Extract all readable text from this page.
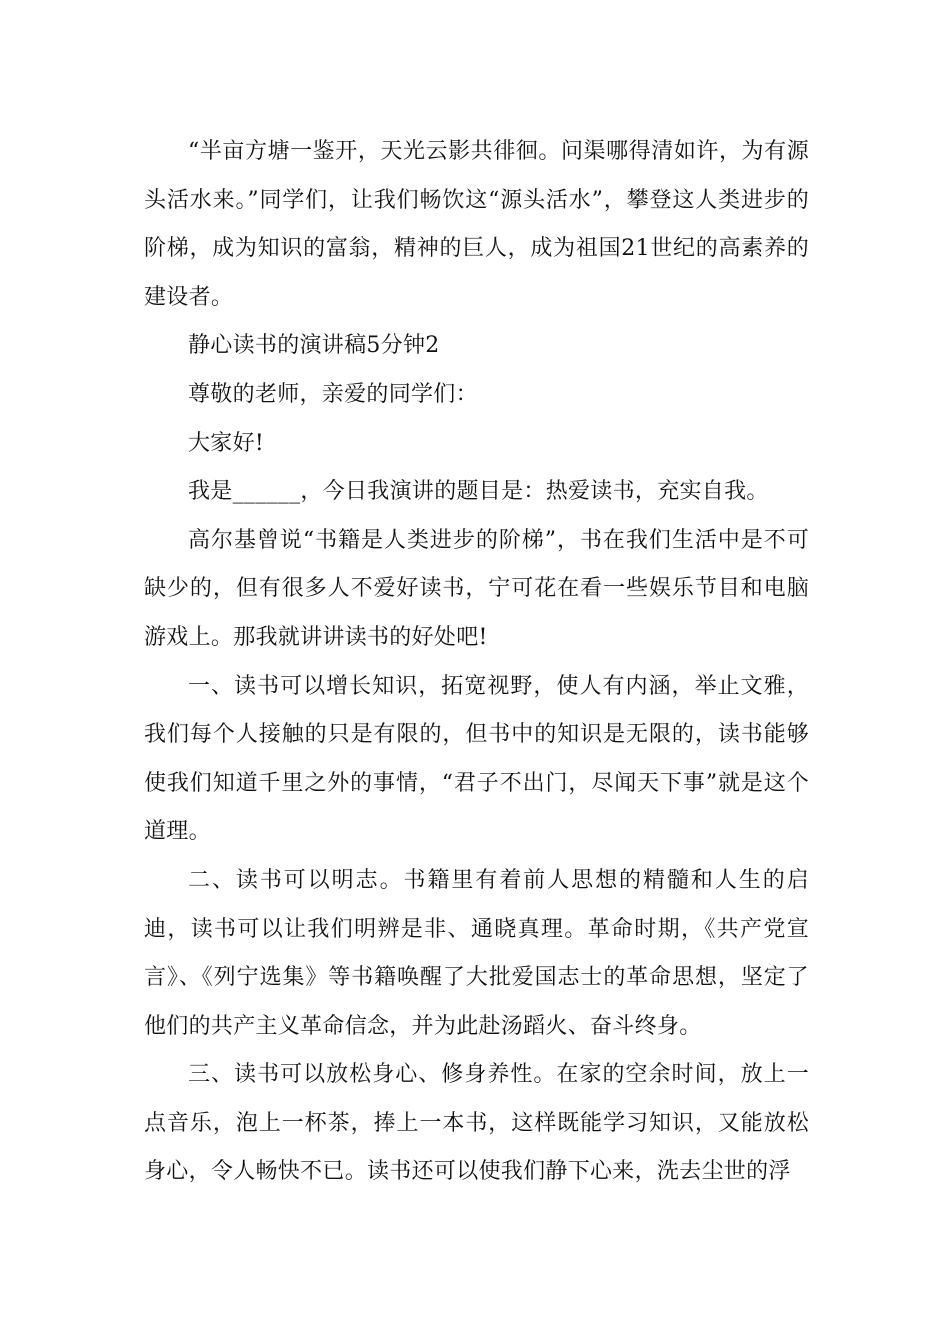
“半亩方塘一鉴开，天光云影共徘徊。问渠哪得清如许，为有源头活水来。”同学们，让我们畅饮这“源头活水”，攀登这人类进步的阶梯，成为知识的富翁，精神的巨人，成为祖国21世纪的高素养的建设者。

静心读书的演讲稿5分钟2

尊敬的老师，亲爱的同学们：

大家好!

我是______，今日我演讲的题目是：热爱读书，充实自我。

高尔基曾说“书籍是人类进步的阶梯”，书在我们生活中是不可缺少的，但有很多人不爱好读书，宁可花在看一些娱乐节目和电脑游戏上。那我就讲讲读书的好处吧!

一、读书可以增长知识，拓宽视野，使人有内涵，举止文雅，我们每个人接触的只是有限的，但书中的知识是无限的，读书能够使我们知道千里之外的事情，“君子不出门，尽闻天下事”就是这个道理。

二、读书可以明志。书籍里有着前人思想的精髓和人生的启迪，读书可以让我们明辨是非、通晓真理。革命时期，《共产党宣言》、《列宁选集》等书籍唤醒了大批爱国志士的革命思想，坚定了他们的共产主义革命信念，并为此赴汤蹈火、奋斗终身。

三、读书可以放松身心、修身养性。在家的空余时间，放上一点音乐，泡上一杯茶，捧上一本书，这样既能学习知识，又能放松身心，令人畅快不已。读书还可以使我们静下心来，洗去尘世的浮
